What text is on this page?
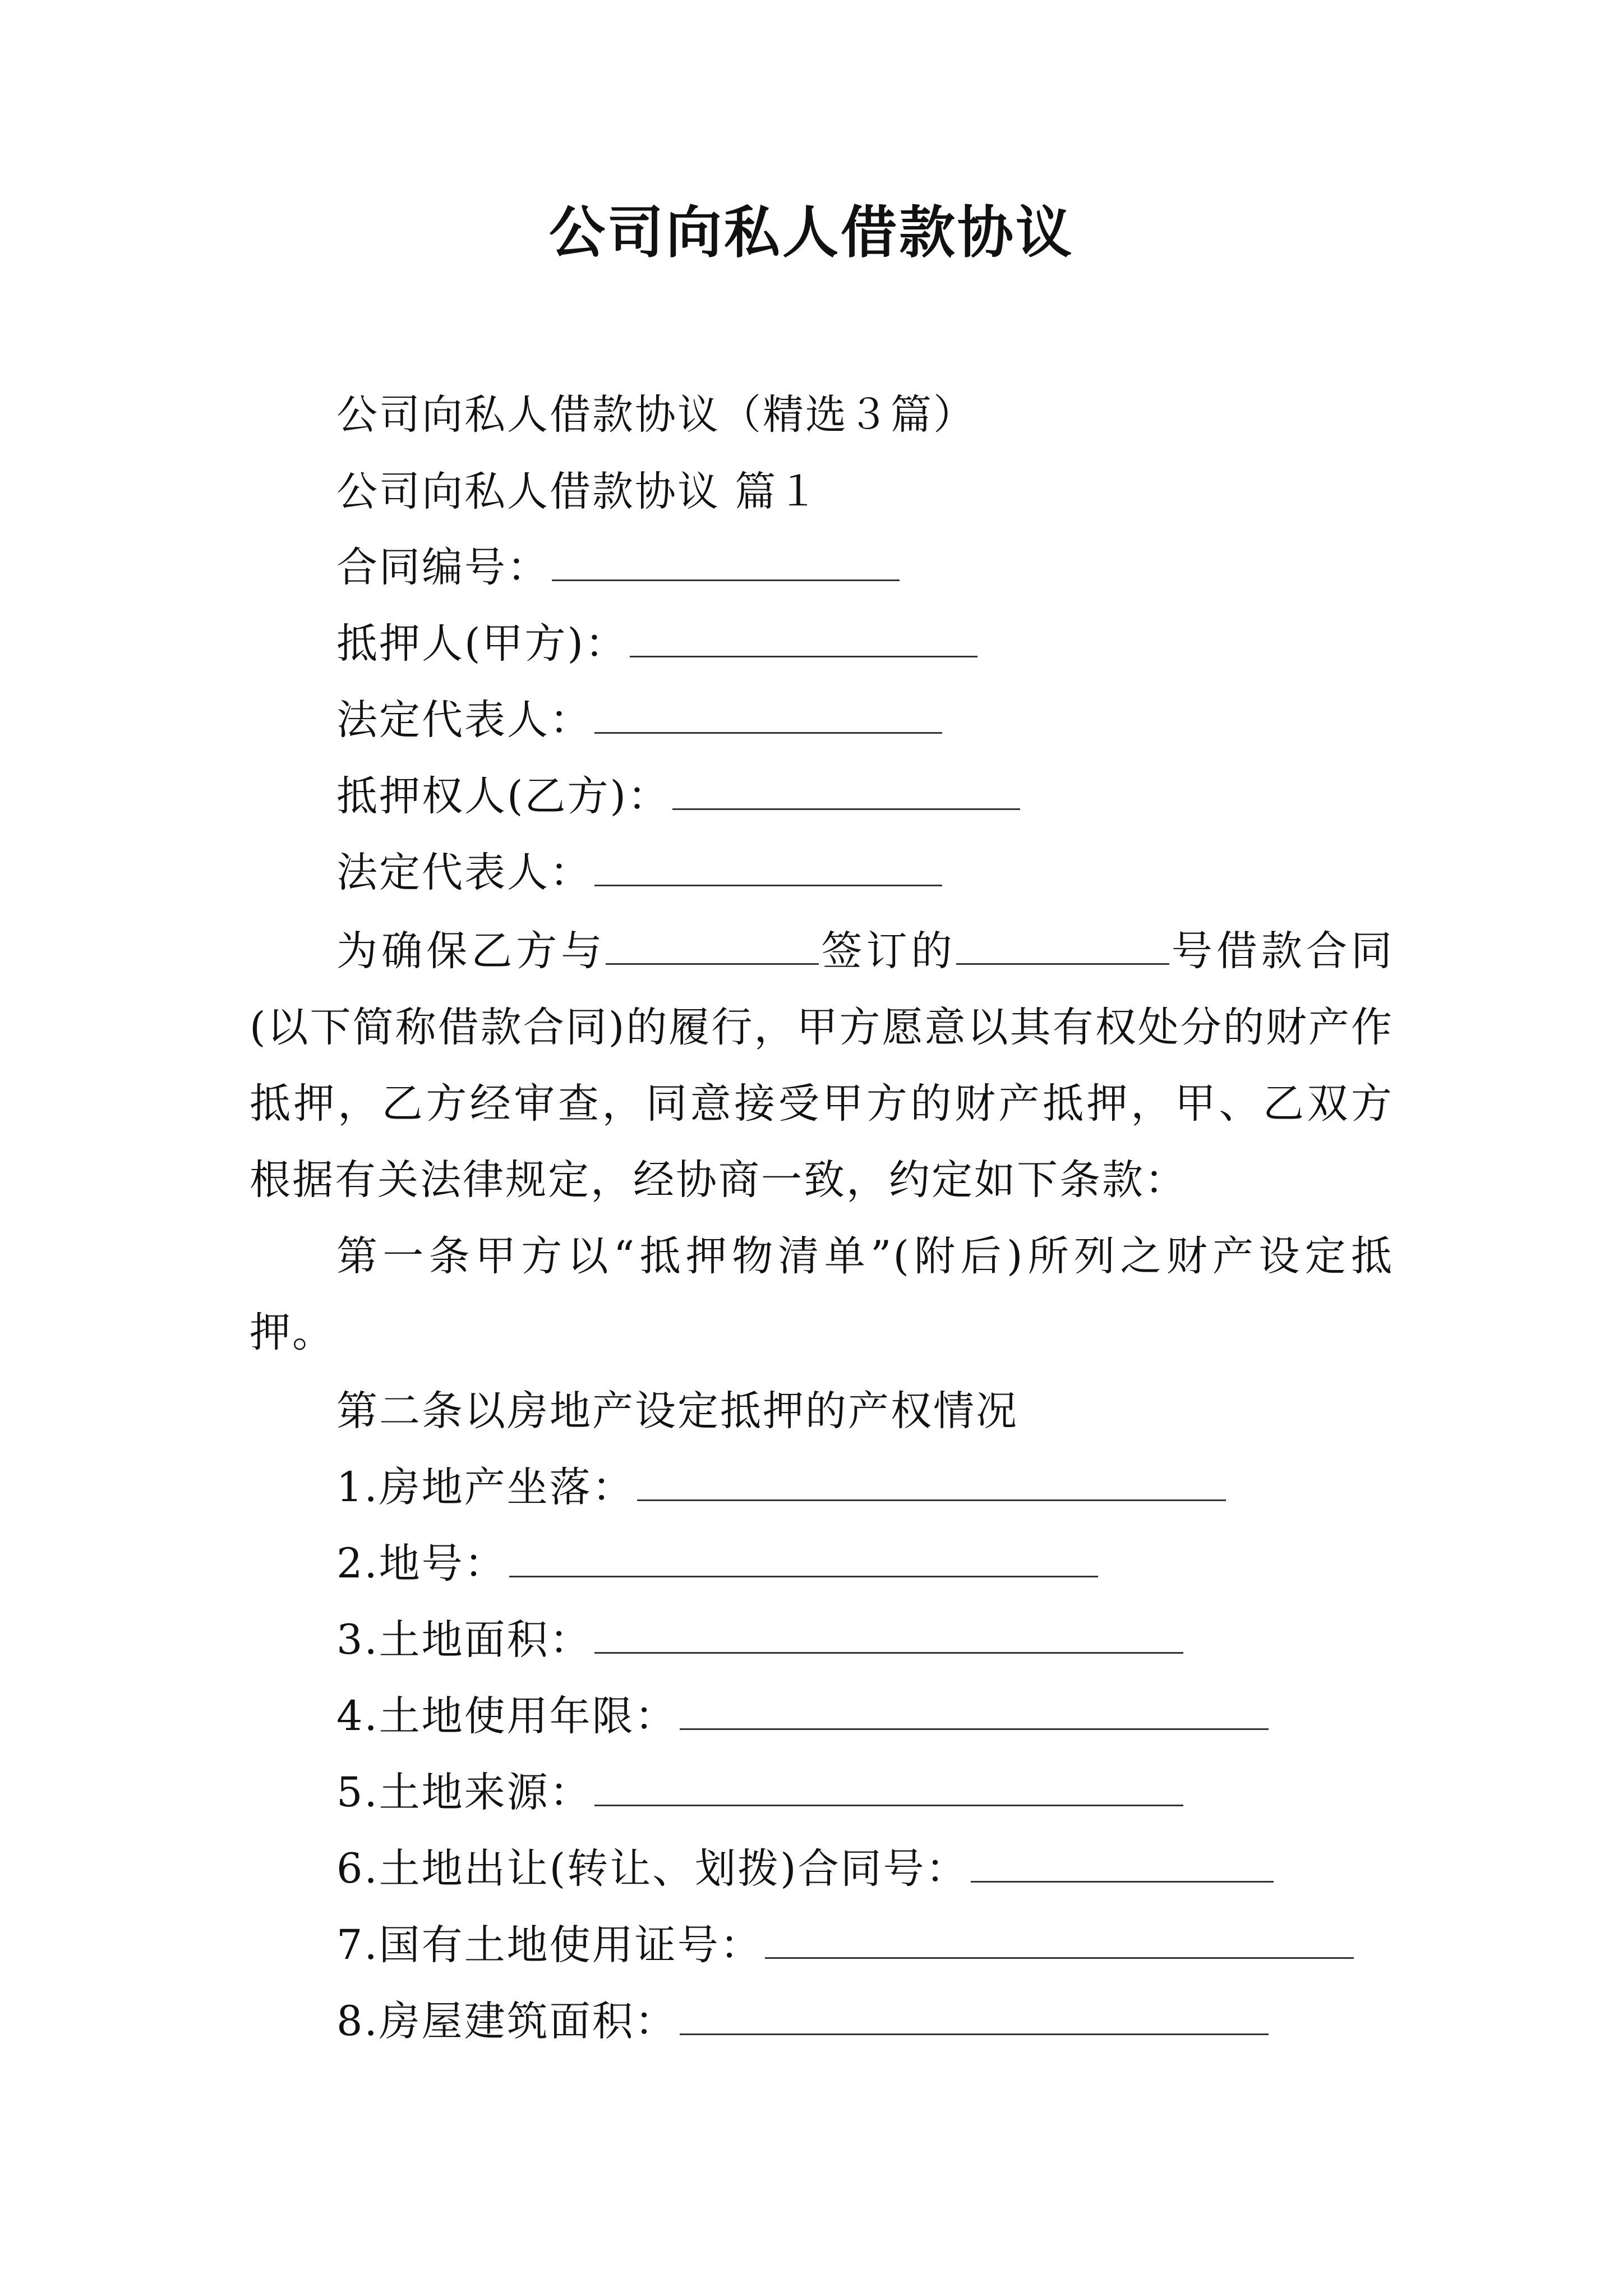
公司向私人借款协议
公司向私人借款协议（精选３篇）
公司向私人借款协议 篇１
合同编号：
抵押人(甲方)：
法定代表人：
抵押权人(乙方)：
法定代表人：
为确保乙方与	签订的	号借款合同(以下简称借款合同)的履行，甲方愿意以其有权处分的财产作抵押，乙方经审查，同意接受甲方的财产抵押，甲、乙双方根据有关法律规定，经协商一致，约定如下条款：
第一条甲方以“抵押物清单”(附后)所列之财产设定抵押。
第二条以房地产设定抵押的产权情况
1.房地产坐落：
2.地号：
3.土地面积：
4.土地使用年限：
5.土地来源：
6.土地出让(转让、划拨)合同号：
7.国有土地使用证号：
8.房屋建筑面积：
